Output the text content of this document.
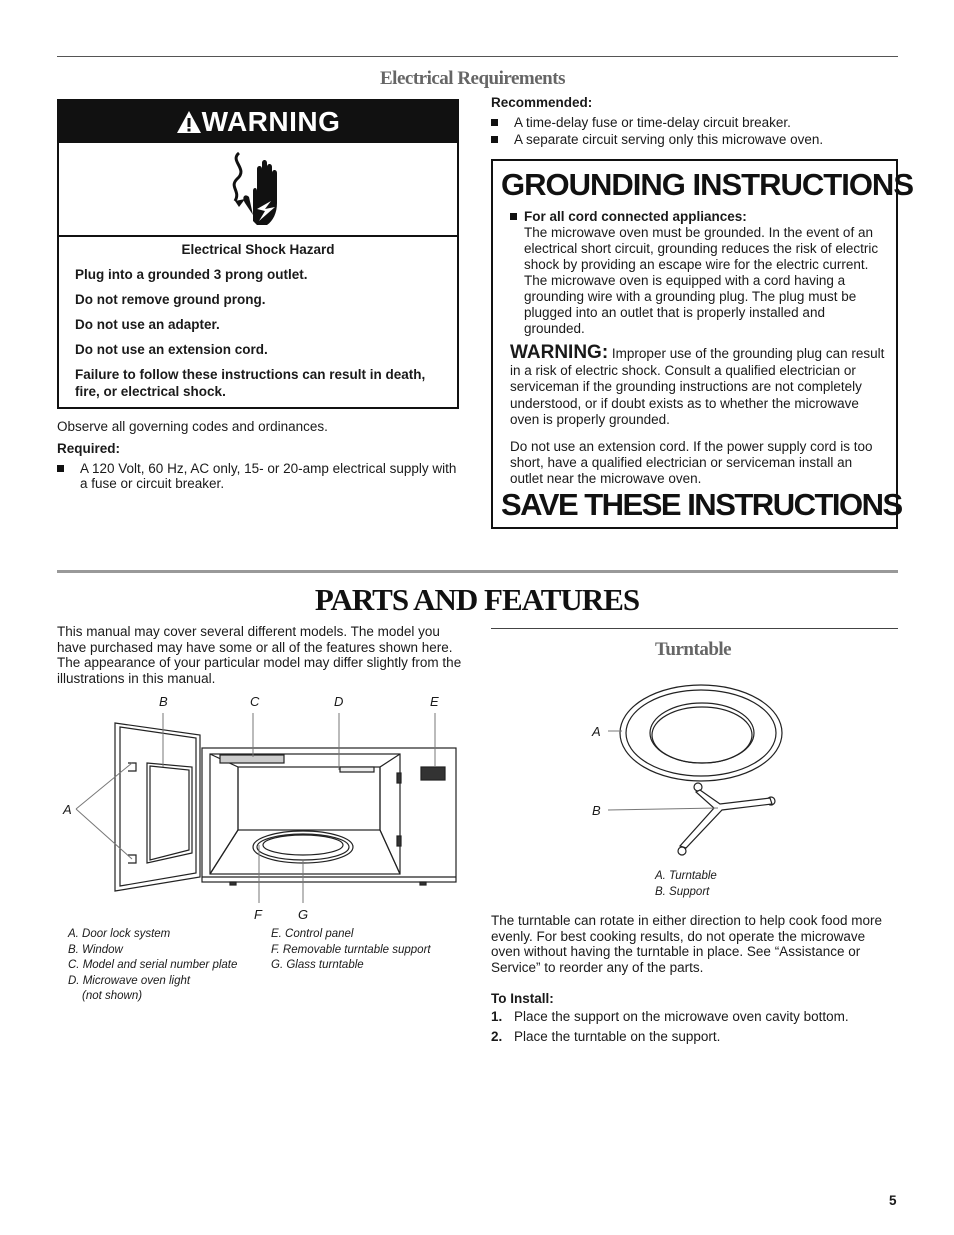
Electrical Requirements
WARNING

Electrical Shock Hazard

Plug into a grounded 3 prong outlet.

Do not remove ground prong.

Do not use an adapter.

Do not use an extension cord.

Failure to follow these instructions can result in death, fire, or electrical shock.

Observe all governing codes and ordinances.
Required:
A 120 Volt, 60 Hz, AC only, 15- or 20-amp electrical supply with a fuse or circuit breaker.
Recommended:
A time-delay fuse or time-delay circuit breaker.
A separate circuit serving only this microwave oven.
GROUNDING INSTRUCTIONS
For all cord connected appliances:
The microwave oven must be grounded. In the event of an electrical short circuit, grounding reduces the risk of electric shock by providing an escape wire for the electric current. The microwave oven is equipped with a cord having a grounding wire with a grounding plug. The plug must be plugged into an outlet that is properly installed and grounded.
WARNING: Improper use of the grounding plug can result in a risk of electric shock. Consult a qualified electrician or serviceman if the grounding instructions are not completely understood, or if doubt exists as to whether the microwave oven is properly grounded.
Do not use an extension cord. If the power supply cord is too short, have a qualified electrician or serviceman install an outlet near the microwave oven.
SAVE THESE INSTRUCTIONS
PARTS AND FEATURES
This manual may cover several different models. The model you have purchased may have some or all of the features shown here. The appearance of your particular model may differ slightly from the illustrations in this manual.
B	C	D	E
A
F	G
A. Door lock system
B. Window
C. Model and serial number plate
D. Microwave oven light
(not shown)
E. Control panel
F. Removable turntable support
G. Glass turntable
Turntable
A
B
A. Turntable
B. Support
The turntable can rotate in either direction to help cook food more evenly. For best cooking results, do not operate the microwave oven without having the turntable in place. See “Assistance or Service” to reorder any of the parts.
To Install:
1. Place the support on the microwave oven cavity bottom.
2. Place the turntable on the support.
5
